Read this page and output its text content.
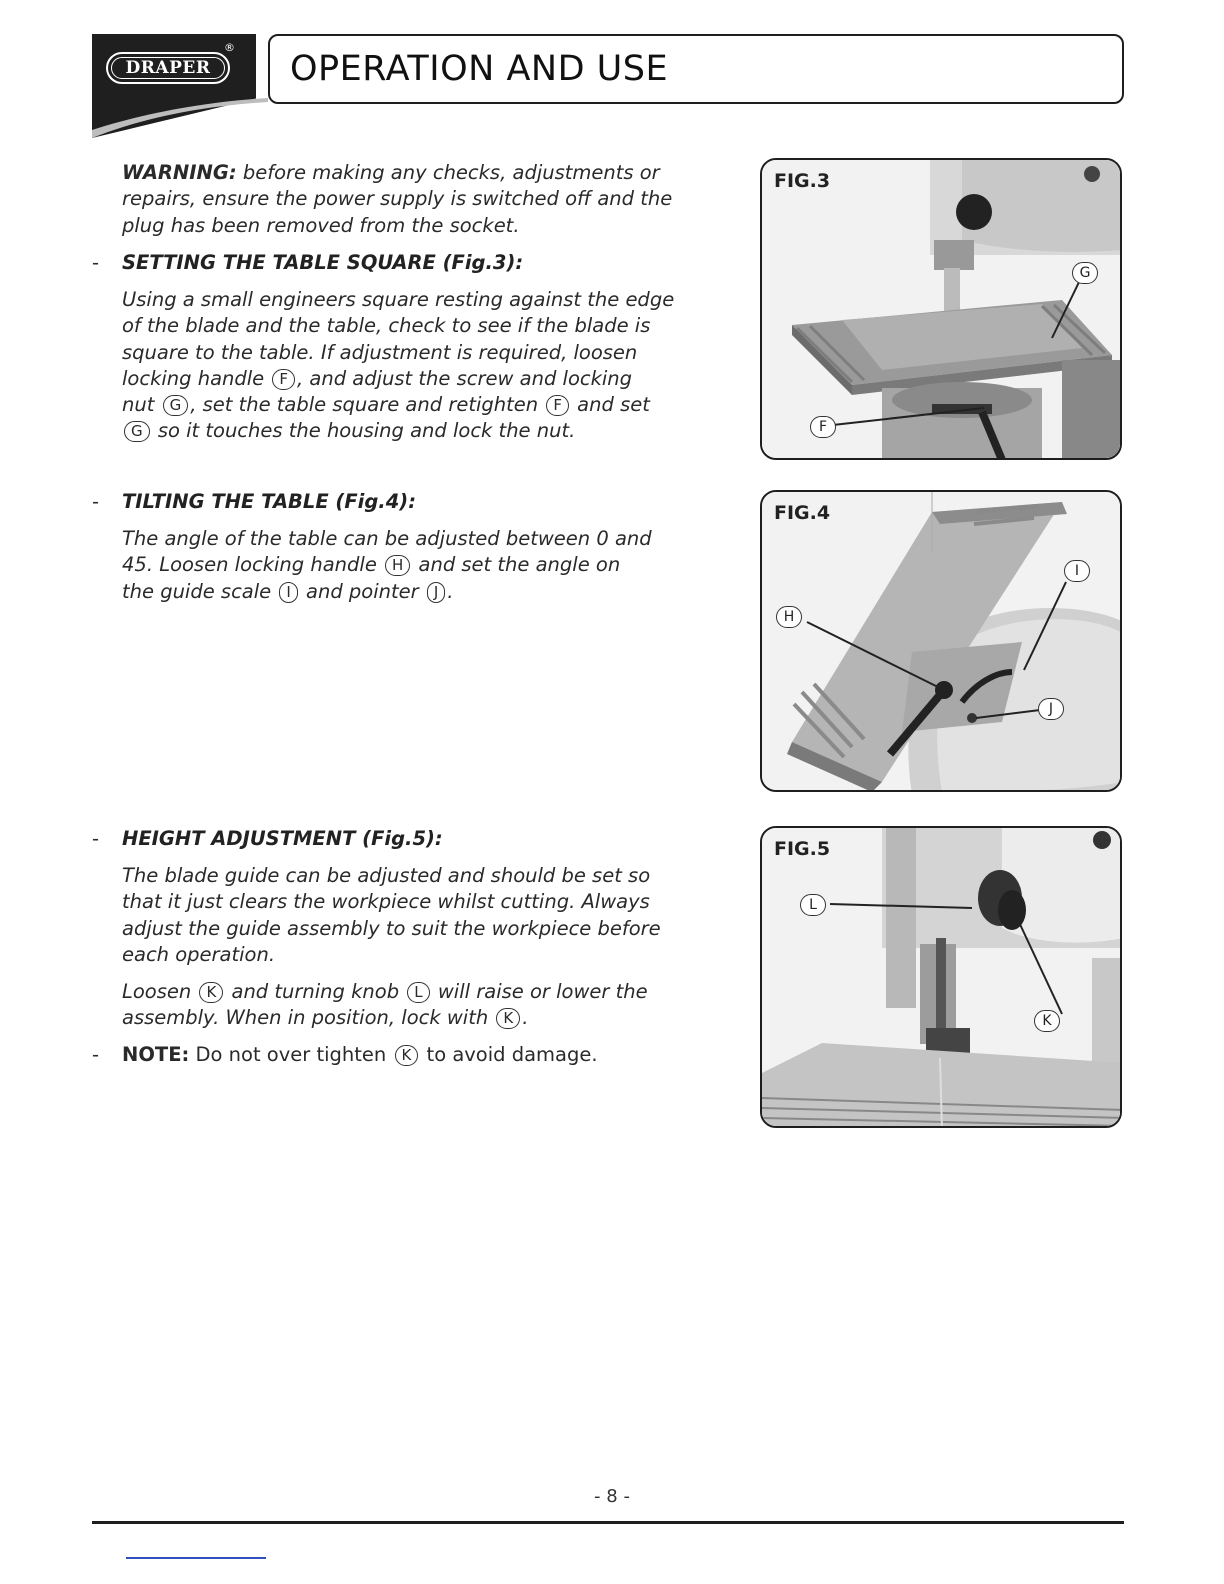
DRAPER
®
OPERATION AND USE
WARNING: before making any checks, adjustments or
repairs, ensure the power supply is switched off and the
plug has been removed from the socket.
- SETTING THE TABLE SQUARE (Fig.3):
Using a small engineers square resting against the edge
of the blade and the table, check to see if the blade is
square to the table. If adjustment is required, loosen
locking handle F , and adjust the screw and locking
nut G , set the table square and retighten F and set
G so it touches the housing and lock the nut.
- TILTING THE TABLE (Fig.4):
The angle of the table can be adjusted between 0 and
45. Loosen locking handle H and set the angle on
the guide scale I and pointer J .
- HEIGHT ADJUSTMENT (Fig.5):
The blade guide can be adjusted and should be set so
that it just clears the workpiece whilst cutting. Always
adjust the guide assembly to suit the workpiece before
each operation.
Loosen K and turning knob L will raise or lower the
assembly. When in position, lock with K .
- NOTE: Do not over tighten K to avoid damage.
FIG.3
G
F
FIG.4
I
H
J
FIG.5
L
K
- 8 -
